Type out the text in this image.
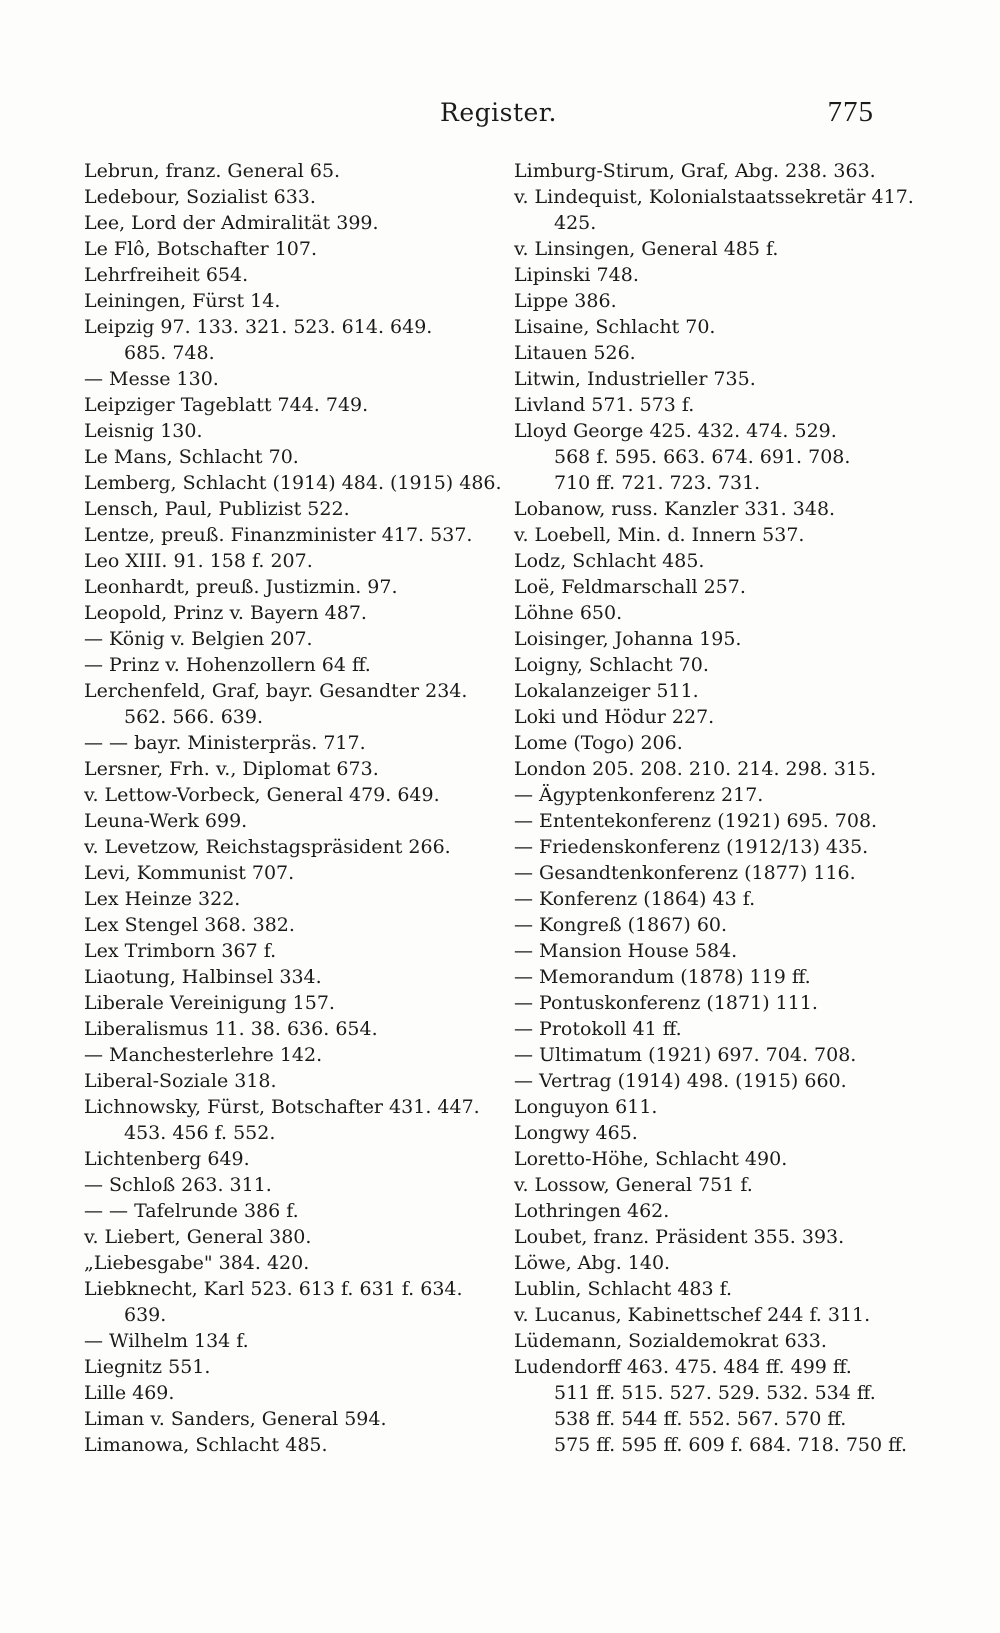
Register.	775
Lebrun, franz. General 65.
Ledebour, Sozialist 633.
Lee, Lord der Admiralität 399.
Le Flô, Botschafter 107.
Lehrfreiheit 654.
Leiningen, Fürst 14.
Leipzig 97. 133. 321. 523. 614. 649.
685. 748.
— Messe 130.
Leipziger Tageblatt 744. 749.
Leisnig 130.
Le Mans, Schlacht 70.
Lemberg, Schlacht (1914) 484. (1915) 486.
Lensch, Paul, Publizist 522.
Lentze, preuß. Finanzminister 417. 537.
Leo XIII. 91. 158 f. 207.
Leonhardt, preuß. Justizmin. 97.
Leopold, Prinz v. Bayern 487.
— König v. Belgien 207.
— Prinz v. Hohenzollern 64 ff.
Lerchenfeld, Graf, bayr. Gesandter 234.
562. 566. 639.
— — bayr. Ministerpräs. 717.
Lersner, Frh. v., Diplomat 673.
v. Lettow-Vorbeck, General 479. 649.
Leuna-Werk 699.
v. Levetzow, Reichstagspräsident 266.
Levi, Kommunist 707.
Lex Heinze 322.
Lex Stengel 368. 382.
Lex Trimborn 367 f.
Liaotung, Halbinsel 334.
Liberale Vereinigung 157.
Liberalismus 11. 38. 636. 654.
— Manchesterlehre 142.
Liberal-Soziale 318.
Lichnowsky, Fürst, Botschafter 431. 447.
453. 456 f. 552.
Lichtenberg 649.
— Schloß 263. 311.
— — Tafelrunde 386 f.
v. Liebert, General 380.
„Liebesgabe" 384. 420.
Liebknecht, Karl 523. 613 f. 631 f. 634.
639.
— Wilhelm 134 f.
Liegnitz 551.
Lille 469.
Liman v. Sanders, General 594.
Limanowa, Schlacht 485.
Limburg-Stirum, Graf, Abg. 238. 363.
v. Lindequist, Kolonialstaatssekretär 417.
425.
v. Linsingen, General 485 f.
Lipinski 748.
Lippe 386.
Lisaine, Schlacht 70.
Litauen 526.
Litwin, Industrieller 735.
Livland 571. 573 f.
Lloyd George 425. 432. 474. 529.
568 f. 595. 663. 674. 691. 708.
710 ff. 721. 723. 731.
Lobanow, russ. Kanzler 331. 348.
v. Loebell, Min. d. Innern 537.
Lodz, Schlacht 485.
Loë, Feldmarschall 257.
Löhne 650.
Loisinger, Johanna 195.
Loigny, Schlacht 70.
Lokalanzeiger 511.
Loki und Hödur 227.
Lome (Togo) 206.
London 205. 208. 210. 214. 298. 315.
— Ägyptenkonferenz 217.
— Ententekonferenz (1921) 695. 708.
— Friedenskonferenz (1912/13) 435.
— Gesandtenkonferenz (1877) 116.
— Konferenz (1864) 43 f.
— Kongreß (1867) 60.
— Mansion House 584.
— Memorandum (1878) 119 ff.
— Pontuskonferenz (1871) 111.
— Protokoll 41 ff.
— Ultimatum (1921) 697. 704. 708.
— Vertrag (1914) 498. (1915) 660.
Longuyon 611.
Longwy 465.
Loretto-Höhe, Schlacht 490.
v. Lossow, General 751 f.
Lothringen 462.
Loubet, franz. Präsident 355. 393.
Löwe, Abg. 140.
Lublin, Schlacht 483 f.
v. Lucanus, Kabinettschef 244 f. 311.
Lüdemann, Sozialdemokrat 633.
Ludendorff 463. 475. 484 ff. 499 ff.
511 ff. 515. 527. 529. 532. 534 ff.
538 ff. 544 ff. 552. 567. 570 ff.
575 ff. 595 ff. 609 f. 684. 718. 750 ff.
